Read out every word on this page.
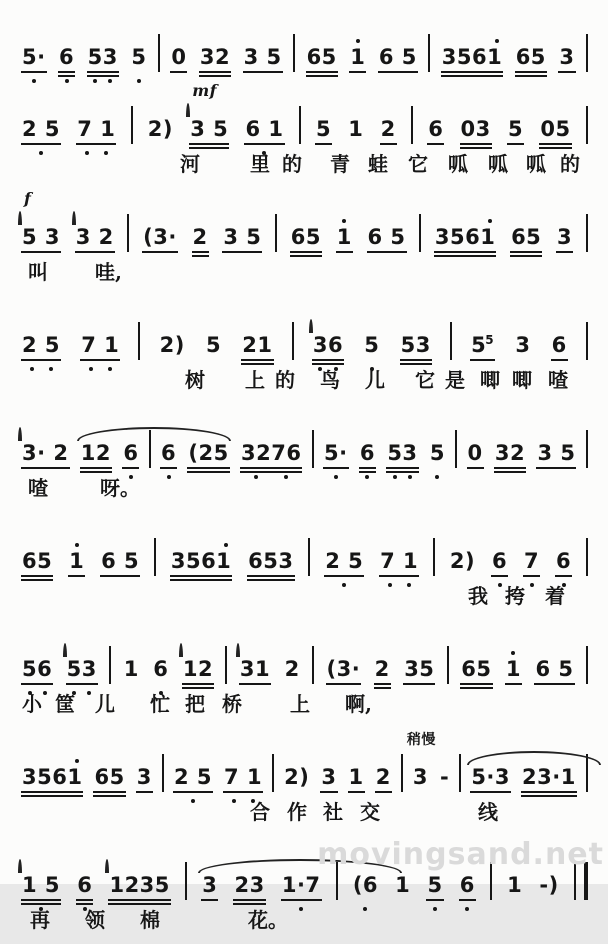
5· 6 53 5 0 32 3 5 65 1 6 5 3561 65 3
2 5 7 1 2)
mf
3 5 6 1 5 1 2 6 03 5 05
河	里 的 青 蛙 它 呱 呱 呱 的
f
5 3 3 2 (3· 2 3 5 65 1 6 5 3561 65 3
叫 哇,
2 5 7 1 2) 5 21 36 5 53 $5^5$ 3 6
树 上 的 鸟 儿 它 是 唧 唧 喳
3· 2 12 6 6 (25 3276 5· 6 53 5 0 32 3 5
喳	呀。
65 1 6 5 3561 653 2 5 7 1 2) 6 7 6
我 挎 着
56 53 1 6 12 31 2 (3· 2 35 65 1 6 5
小 筐 儿 忙 把 桥 上 啊,
3561 65 3 2 5 7 1 2) 3 1 2
稍慢
3 - 5·3 23·1
合 作 社 交	线
1 5 6 1235 3 23 1·7 (6 1 5 6 1 -)
再 领 棉	花。
movingsand.net
